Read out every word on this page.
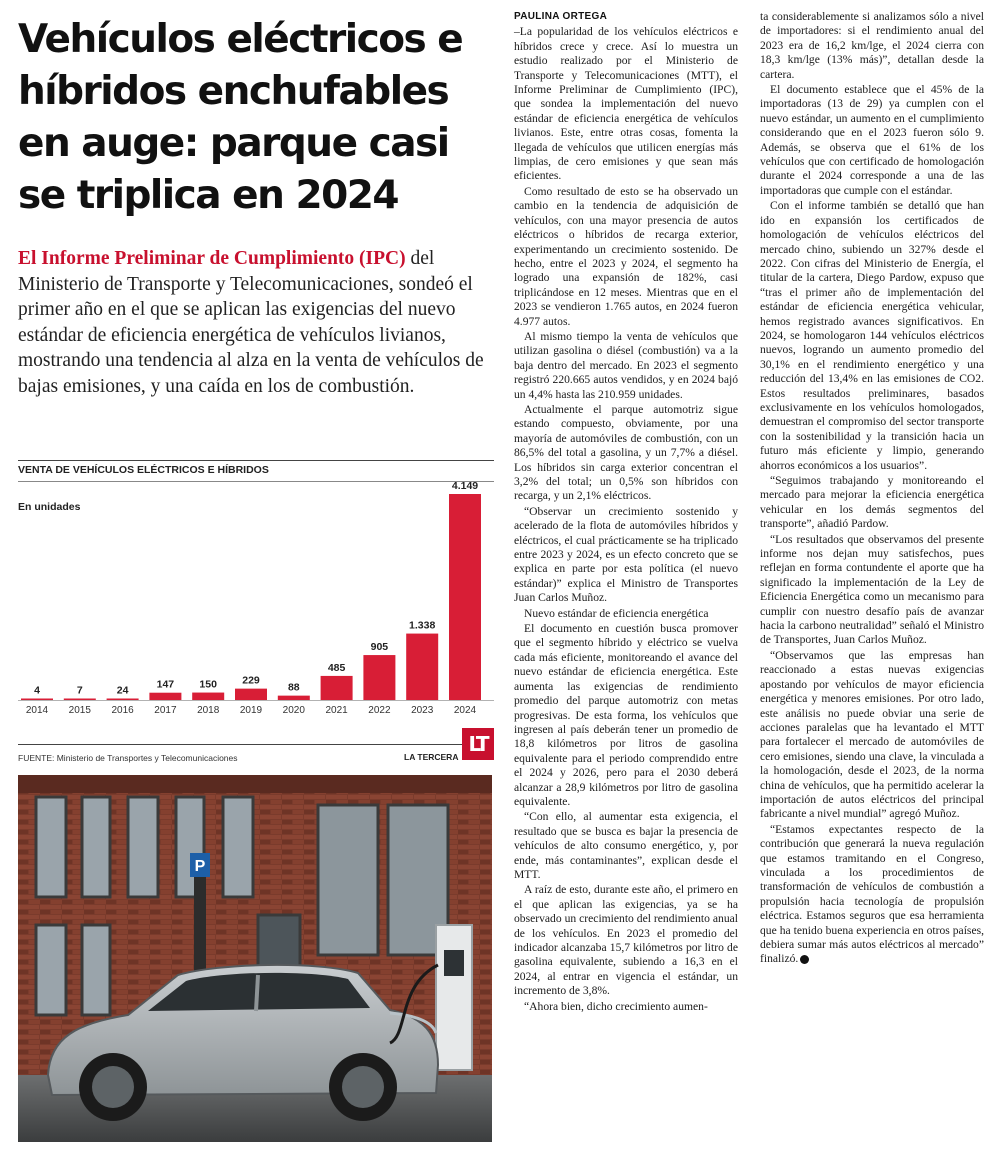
Vehículos eléctricos e híbridos enchufables en auge: parque casi se triplica en 2024

El Informe Preliminar de Cumplimiento (IPC) del Ministerio de Transporte y Telecomunicaciones, sondeó el primer año en el que se aplican las exigencias del nuevo estándar de eficiencia energética de vehículos livianos, mostrando una tendencia al alza en la venta de vehículos de bajas emisiones, y una caída en los de combustión.

VENTA DE VEHÍCULOS ELÉCTRICOS E HÍBRIDOS
En unidades
4
2014
7
2015
24
2016
147
2017
150
2018
229
2019
88
2020
485
2021
905
2022
1.338
2023
4.149
2024
FUENTE: Ministerio de Transportes y Telecomunicaciones	LA TERCERA
LT
P
PAULINA ORTEGA

–La popularidad de los vehículos eléctricos e híbridos crece y crece. Así lo muestra un estudio realizado por el Ministerio de Transporte y Telecomunicaciones (MTT), el Informe Preliminar de Cumplimiento (IPC), que sondea la implementación del nuevo estándar de eficiencia energética de vehículos livianos. Este, entre otras cosas, fomenta la llegada de vehículos que utilicen energías más limpias, de cero emisiones y que sean más eficientes.

Como resultado de esto se ha observado un cambio en la tendencia de adquisición de vehículos, con una mayor presencia de autos eléctricos o híbridos de recarga exterior, experimentando un crecimiento sostenido. De hecho, entre el 2023 y 2024, el segmento ha logrado una expansión de 182%, casi triplicándose en 12 meses. Mientras que en el 2023 se vendieron 1.765 autos, en 2024 fueron 4.977 autos.

Al mismo tiempo la venta de vehículos que utilizan gasolina o diésel (combustión) va a la baja dentro del mercado. En 2023 el segmento registró 220.665 autos vendidos, y en 2024 bajó un 4,4% hasta las 210.959 unidades.

Actualmente el parque automotriz sigue estando compuesto, obviamente, por una mayoría de automóviles de combustión, con un 86,5% del total a gasolina, y un 7,7% a diésel. Los híbridos sin carga exterior concentran el 3,2% del total; un 0,5% son híbridos con recarga, y un 2,1% eléctricos.

“Observar un crecimiento sostenido y acelerado de la flota de automóviles híbridos y eléctricos, el cual prácticamente se ha triplicado entre 2023 y 2024, es un efecto concreto que se explica en parte por esta política (el nuevo estándar)” explica el Ministro de Transportes Juan Carlos Muñoz.

Nuevo estándar de eficiencia energética

El documento en cuestión busca promover que el segmento híbrido y eléctrico se vuelva cada más eficiente, monitoreando el avance del nuevo estándar de eficiencia energética. Este aumenta las exigencias de rendimiento promedio del parque automotriz con metas progresivas. De esta forma, los vehículos que ingresen al país deberán tener un promedio de 18,8 kilómetros por litros de gasolina equivalente para el periodo comprendido entre el 2024 y 2026, pero para el 2030 deberá alcanzar a 28,9 kilómetros por litro de gasolina equivalente.

“Con ello, al aumentar esta exigencia, el resultado que se busca es bajar la presencia de vehículos de alto consumo energético, y, por ende, más contaminantes”, explican desde el MTT.

A raíz de esto, durante este año, el primero en el que aplican las exigencias, ya se ha observado un crecimiento del rendimiento anual de los vehículos. En 2023 el promedio del indicador alcanzaba 15,7 kilómetros por litro de gasolina equivalente, subiendo a 16,3 en el 2024, al entrar en vigencia el estándar, un incremento de 3,8%.

“Ahora bien, dicho crecimiento aumen-

ta considerablemente si analizamos sólo a nivel de importadores: si el rendimiento anual del 2023 era de 16,2 km/lge, el 2024 cierra con 18,3 km/lge (13% más)”, detallan desde la cartera.

El documento establece que el 45% de la importadoras (13 de 29) ya cumplen con el nuevo estándar, un aumento en el cumplimiento considerando que en el 2023 fueron sólo 9. Además, se observa que el 61% de los vehículos que con certificado de homologación durante el 2024 corresponde a una de las importadoras que cumple con el estándar.

Con el informe también se detalló que han ido en expansión los certificados de homologación de vehículos eléctricos del mercado chino, subiendo un 327% desde el 2022. Con cifras del Ministerio de Energía, el titular de la cartera, Diego Pardow, expuso que “tras el primer año de implementación del estándar de eficiencia energética vehicular, hemos registrado avances significativos. En 2024, se homologaron 144 vehículos eléctricos nuevos, logrando un aumento promedio del 30,1% en el rendimiento energético y una reducción del 13,4% en las emisiones de CO2. Estos resultados preliminares, basados exclusivamente en los vehículos homologados, demuestran el compromiso del sector transporte con la sostenibilidad y la transición hacia un futuro más eficiente y limpio, generando ahorros económicos a los usuarios”.

“Seguimos trabajando y monitoreando el mercado para mejorar la eficiencia energética vehicular en los demás segmentos del transporte”, añadió Pardow.

“Los resultados que observamos del presente informe nos dejan muy satisfechos, pues reflejan en forma contundente el aporte que ha significado la implementación de la Ley de Eficiencia Energética como un mecanismo para cumplir con nuestro desafío país de avanzar hacia la carbono neutralidad” señaló el Ministro de Transportes, Juan Carlos Muñoz.

“Observamos que las empresas han reaccionado a estas nuevas exigencias apostando por vehículos de mayor eficiencia energética y menores emisiones. Por otro lado, este análisis no puede obviar una serie de acciones paralelas que ha levantado el MTT para fortalecer el mercado de automóviles de cero emisiones, siendo una clave, la vinculada a la homologación, desde el 2023, de la norma china de vehículos, que ha permitido acelerar la importación de autos eléctricos del principal fabricante a nivel mundial” agregó Muñoz.

“Estamos expectantes respecto de la contribución que generará la nueva regulación que estamos tramitando en el Congreso, vinculada a los procedimientos de transformación de vehículos de combustión a propulsión hacia tecnología de propulsión eléctrica. Estamos seguros que esa herramienta que ha tenido buena experiencia en otros países, debiera sumar más autos eléctricos al mercado” finalizó.
